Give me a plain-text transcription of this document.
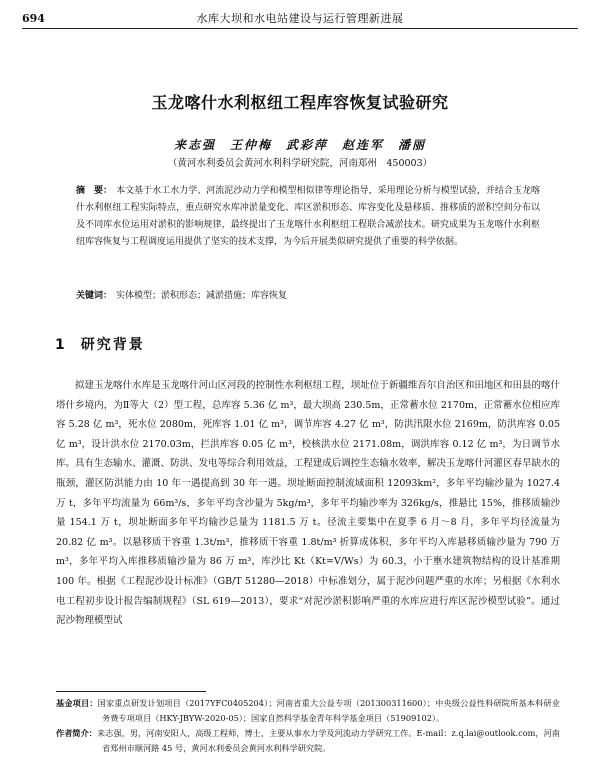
694	水库大坝和水电站建设与运行管理新进展
玉龙喀什水利枢纽工程库容恢复试验研究
来志强　王仲梅　武彩萍　赵连军　潘丽
（黄河水利委员会黄河水利科学研究院，河南郑州　450003）
摘　要： 本文基于水工水力学、河流泥沙动力学和模型相似律等理论指导，采用理论分析与模型试验，并结合玉龙喀什水利枢纽工程实际特点，重点研究水库冲淤量变化、库区淤积形态、库容变化及悬移质、推移质的淤积空间分布以及不同库水位运用对淤积的影响规律，最终提出了玉龙喀什水利枢纽工程联合减淤技术。研究成果为玉龙喀什水利枢纽库容恢复与工程调度运用提供了坚实的技术支撑，为今后开展类似研究提供了重要的科学依据。
关键词： 实体模型；淤积形态；减淤措施；库容恢复
1 研究背景
拟建玉龙喀什水库是玉龙喀什河山区河段的控制性水利枢纽工程，坝址位于新疆维吾尔自治区和田地区和田县的喀什塔什乡境内，为Ⅱ等大（2）型工程，总库容 5.36 亿 m³，最大坝高 230.5m，正常蓄水位 2170m，正常蓄水位相应库容 5.28 亿 m³，死水位 2080m，死库容 1.01 亿 m³，调节库容 4.27 亿 m³，防洪汛限水位 2169m，防洪库容 0.05 亿 m³，设计洪水位 2170.03m，拦洪库容 0.05 亿 m³，校核洪水位 2171.08m，调洪库容 0.12 亿 m³，为日调节水库。具有生态输水、灌溉、防洪、发电等综合利用效益，工程建成后调控生态输水效率，解决玉龙喀什河灌区春旱缺水的瓶颈，灌区防洪能力由 10 年一遇提高到 30 年一遇。坝址断面控制流域面积 12093km²，多年平均输沙量为 1027.4 万 t，多年平均流量为 66m³/s，多年平均含沙量为 5kg/m³，多年平均输沙率为 326kg/s，推悬比 15%，推移质输沙量 154.1 万 t，坝址断面多年平均输沙总量为 1181.5 万 t。径流主要集中在夏季 6 月～8 月，多年平均径流量为 20.82 亿 m³。以悬移质干容重 1.3t/m³，推移质干容重 1.8t/m³ 折算成体积，多年平均入库悬移质输沙量为 790 万 m³，多年平均入库推移质输沙量为 86 万 m³，库沙比 Kt（Kt=V/Ws）为 60.3，小于壅水建筑物结构的设计基准期 100 年。根据《工程泥沙设计标准》（GB/T 51280—2018）中标准划分，属于泥沙问题严重的水库；另根据《水利水电工程初步设计报告编制规程》（SL 619—2013），要求“对泥沙淤积影响严重的水库应进行库区泥沙模型试验”。通过泥沙物理模型试

基金项目：国家重点研发计划项目（2017YFC0405204）；河南省重大公益专项（201300311600）；中央级公益性科研院所基本科研业务费专项项目（HKY-JBYW-2020-05）；国家自然科学基金青年科学基金项目（51909102）。

作者简介：来志强，男，河南安阳人，高级工程师，博士，主要从事水力学及河流动力学研究工作。E-mail：z.q.lai@outlook.com，河南省郑州市顺河路 45 号，黄河水利委员会黄河水利科学研究院。
